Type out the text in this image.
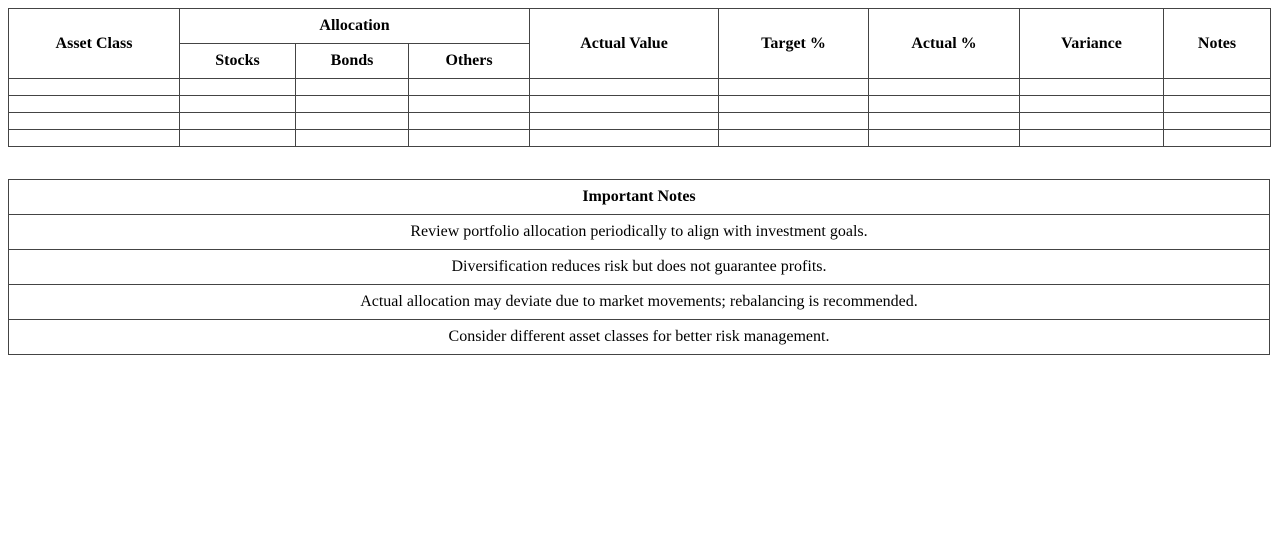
Asset Class	Allocation			Actual Value	Target %	Actual %	Variance	Notes
	Stocks	Bonds	Others					

Important Notes
Review portfolio allocation periodically to align with investment goals.
Diversification reduces risk but does not guarantee profits.
Actual allocation may deviate due to market movements; rebalancing is recommended.
Consider different asset classes for better risk management.
